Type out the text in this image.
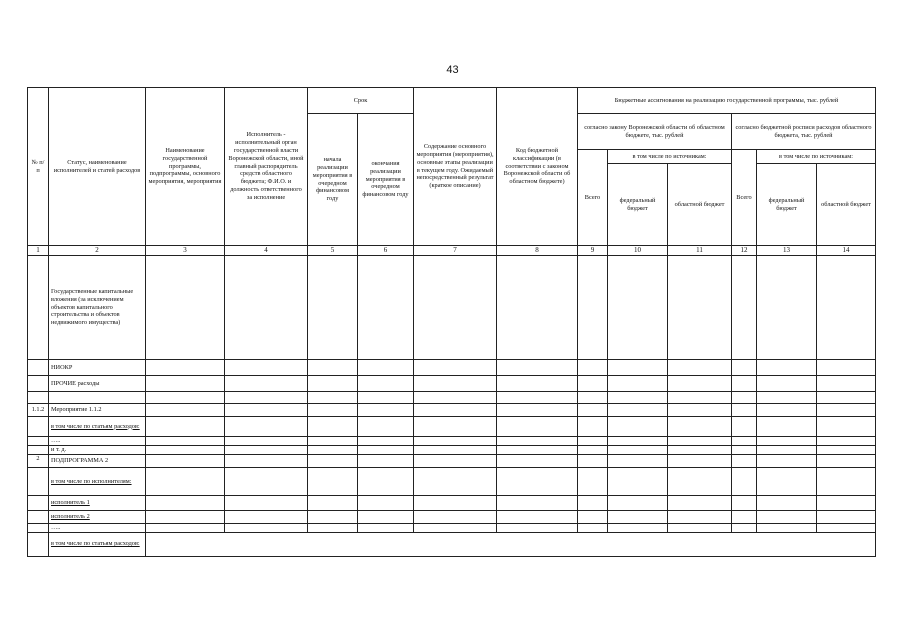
43
№ п/п	Статус, наименование исполнителей и статей расходов	Наименование государственной программы, подпрограммы, основного мероприятия, мероприятия	Исполнитель - исполнительный орган государственной власти Воронежской области, иной главный распорядитель средств областного бюджета; Ф.И.О. и должность ответственного за исполнение	Срок		Содержание основного мероприятия (мероприятия), основные этапы реализации в текущем году. Ожидаемый непосредственный результат (краткое описание)	Код бюджетной классификации (в соответствии с законом Воронежской области об областном бюджете)	Бюджетные ассигнования на реализацию государственной программы, тыс. рублей					
				начала реализации мероприятия в очередном финансовом году	окончания реализации мероприятия в очередном финансовом году			согласно закону Воронежской области об областном бюджете, тыс. рублей			согласно бюджетной росписи расходов областного бюджета, тыс. рублей		
								Всего	в том числе по источникам:		Всего	в том числе по источникам:	
									федеральный бюджет	областной бюджет		федеральный бюджет	областной бюджет
1	2	3	4	5	6	7	8	9	10	11	12	13	14
	Государственные капитальные вложения (за исключением объектов капитального строительства и объектов недвижимого имущества)												
	НИОКР												
	ПРОЧИЕ расходы												

1.1.2	Мероприятие 1.1.2												
	в том числе по статьям расходов:												
	…..												
	и т. д.												
2	ПОДПРОГРАММА 2												
	в том числе по исполнителям:												
	исполнитель 1												
	исполнитель 2												
	…..												
	в том числе по статьям расходов:												
